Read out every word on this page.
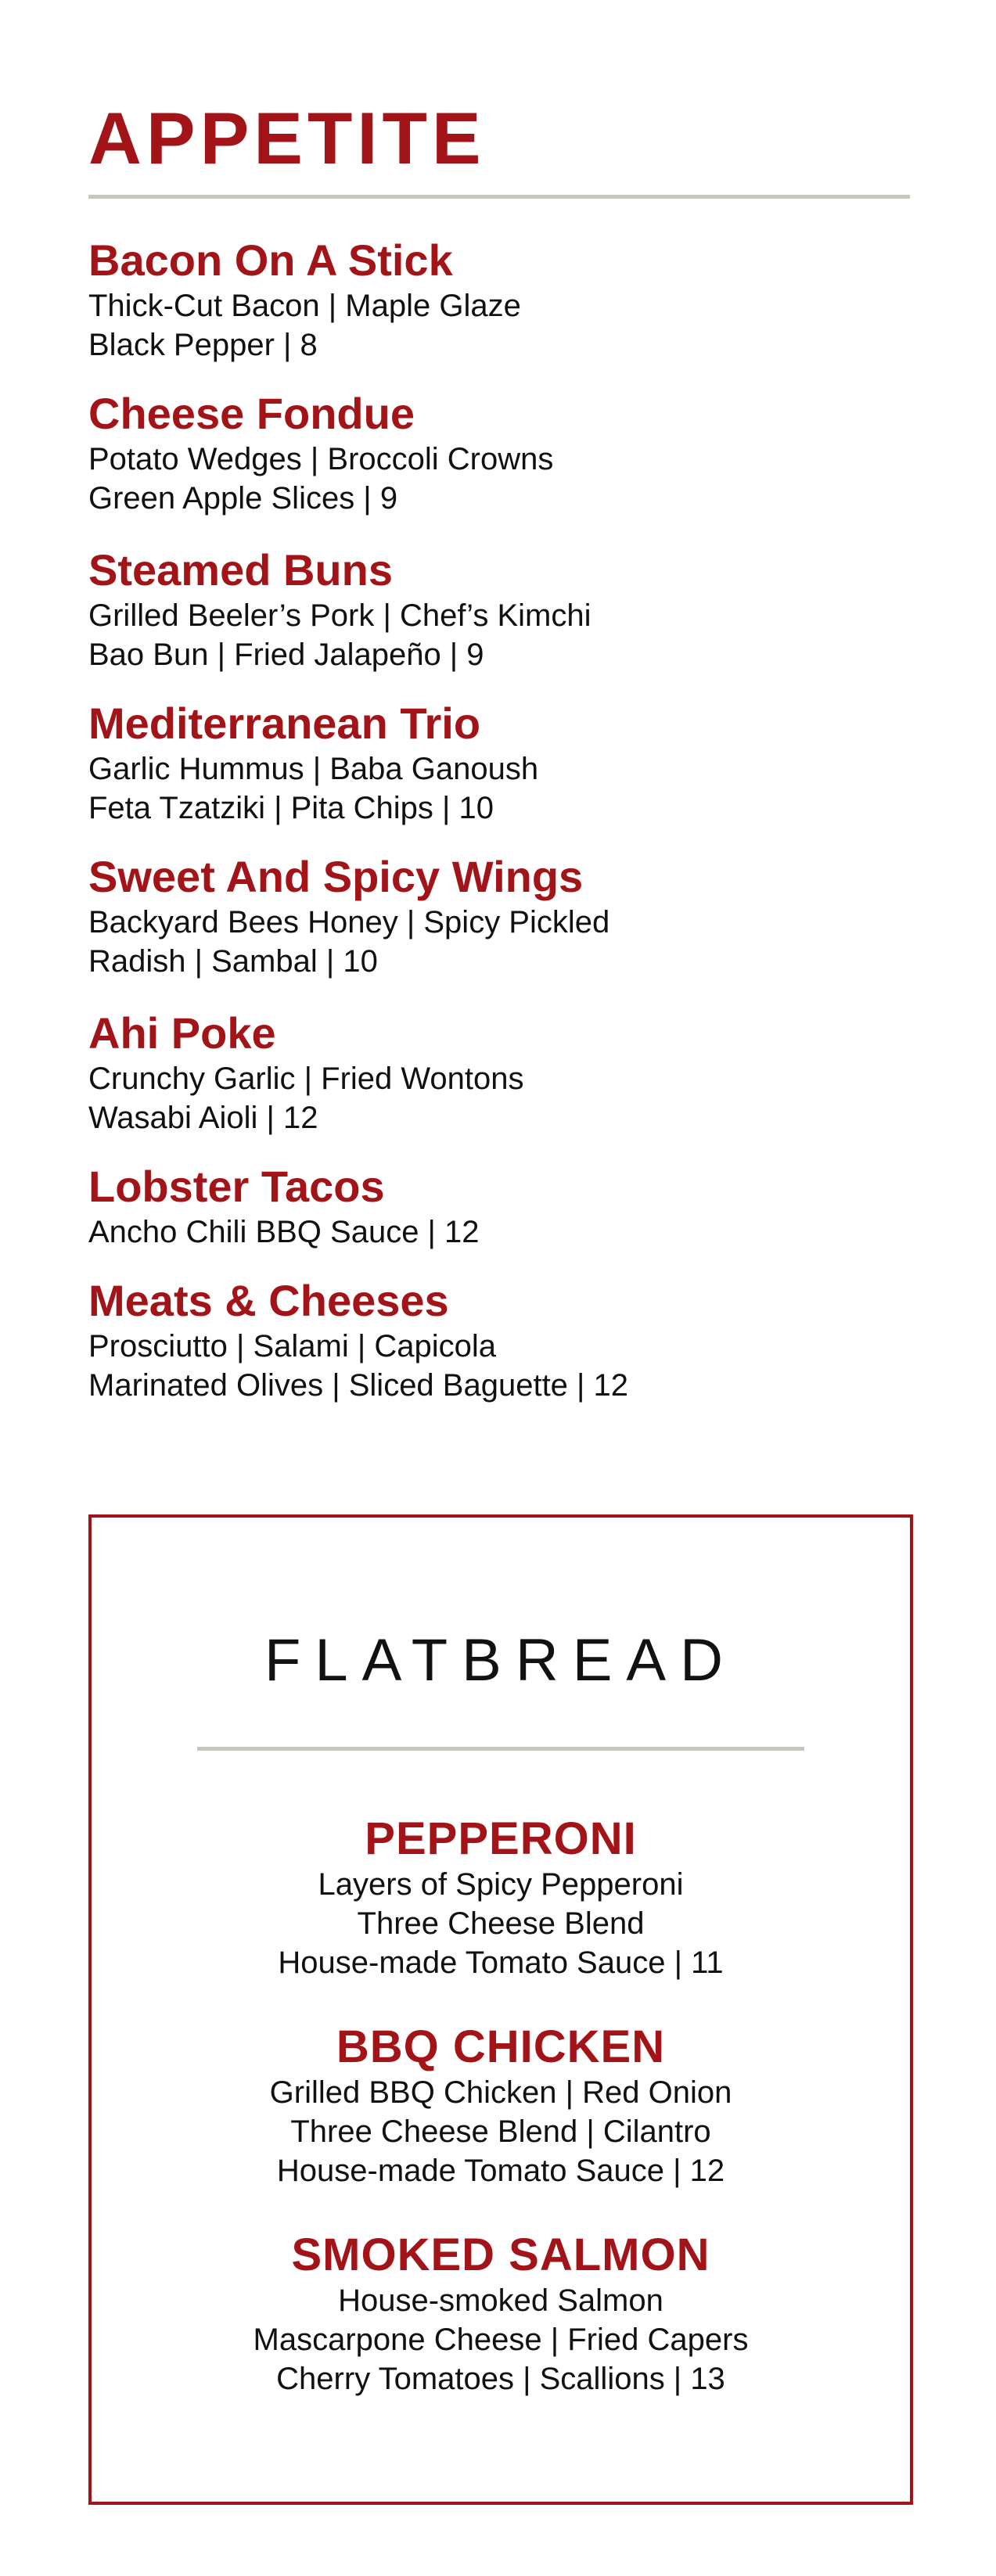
APPETITE
Bacon On A Stick
Thick-Cut Bacon | Maple Glaze
Black Pepper | 8
Cheese Fondue
Potato Wedges | Broccoli Crowns
Green Apple Slices | 9
Steamed Buns
Grilled Beeler’s Pork | Chef’s Kimchi
Bao Bun | Fried Jalapeño | 9
Mediterranean Trio
Garlic Hummus | Baba Ganoush
Feta Tzatziki | Pita Chips | 10
Sweet And Spicy Wings
Backyard Bees Honey | Spicy Pickled
Radish | Sambal | 10
Ahi Poke
Crunchy Garlic | Fried Wontons
Wasabi Aioli | 12
Lobster Tacos
Ancho Chili BBQ Sauce | 12
Meats & Cheeses
Prosciutto | Salami | Capicola
Marinated Olives | Sliced Baguette | 12
FLATBREAD
PEPPERONI
Layers of Spicy Pepperoni
Three Cheese Blend
House-made Tomato Sauce | 11
BBQ CHICKEN
Grilled BBQ Chicken | Red Onion
Three Cheese Blend | Cilantro
House-made Tomato Sauce | 12
SMOKED SALMON
House-smoked Salmon
Mascarpone Cheese | Fried Capers
Cherry Tomatoes | Scallions | 13
